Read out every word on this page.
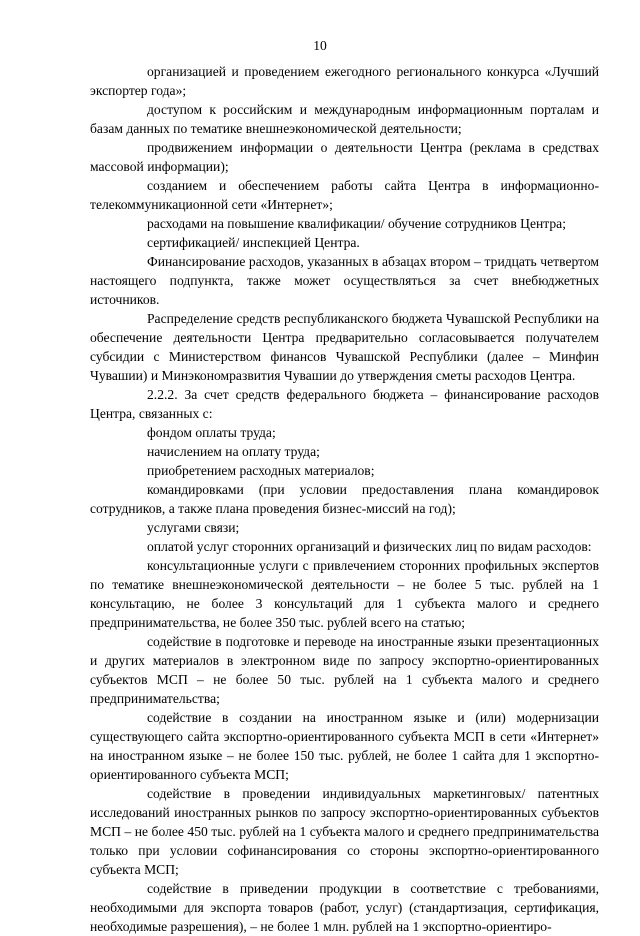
10

организацией и проведением ежегодного регионального конкурса «Лучший экспортер года»;

доступом к российским и международным информационным порталам и базам данных по тематике внешнеэкономической деятельности;

продвижением информации о деятельности Центра (реклама в средствах массовой информации);

созданием и обеспечением работы сайта Центра в информационно-телекоммуникационной сети «Интернет»;

расходами на повышение квалификации/ обучение сотрудников Центра;

сертификацией/ инспекцией Центра.

Финансирование расходов, указанных в абзацах втором – тридцать четвертом настоящего подпункта, также может осуществляться за счет внебюджетных источников.

Распределение средств республиканского бюджета Чувашской Республики на обеспечение деятельности Центра предварительно согласовывается получателем субсидии с Министерством финансов Чувашской Республики (далее – Минфин Чувашии) и Минэкономразвития Чувашии до утверждения сметы расходов Центра.

2.2.2. За счет средств федерального бюджета – финансирование расходов Центра, связанных с:

фондом оплаты труда;

начислением на оплату труда;

приобретением расходных материалов;

командировками (при условии предоставления плана командировок сотрудников, а также плана проведения бизнес-миссий на год);

услугами связи;

оплатой услуг сторонних организаций и физических лиц по видам расходов:

консультационные услуги с привлечением сторонних профильных экспертов по тематике внешнеэкономической деятельности – не более 5 тыс. рублей на 1 консультацию, не более 3 консультаций для 1 субъекта малого и среднего предпринимательства, не более 350 тыс. рублей всего на статью;

содействие в подготовке и переводе на иностранные языки презентационных и других материалов в электронном виде по запросу экспортно-ориентированных субъектов МСП – не более 50 тыс. рублей на 1 субъекта малого и среднего предпринимательства;

содействие в создании на иностранном языке и (или) модернизации существующего сайта экспортно-ориентированного субъекта МСП в сети «Интернет» на иностранном языке – не более 150 тыс. рублей, не более 1 сайта для 1 экспортно-ориентированного субъекта МСП;

содействие в проведении индивидуальных маркетинговых/ патентных исследований иностранных рынков по запросу экспортно-ориентированных субъектов МСП – не более 450 тыс. рублей на 1 субъекта малого и среднего предпринимательства только при условии софинансирования со стороны экспортно-ориентированного субъекта МСП;

содействие в приведении продукции в соответствие с требованиями, необходимыми для экспорта товаров (работ, услуг) (стандартизация, сертификация, необходимые разрешения), – не более 1 млн. рублей на 1 экспортно-ориентиро-
